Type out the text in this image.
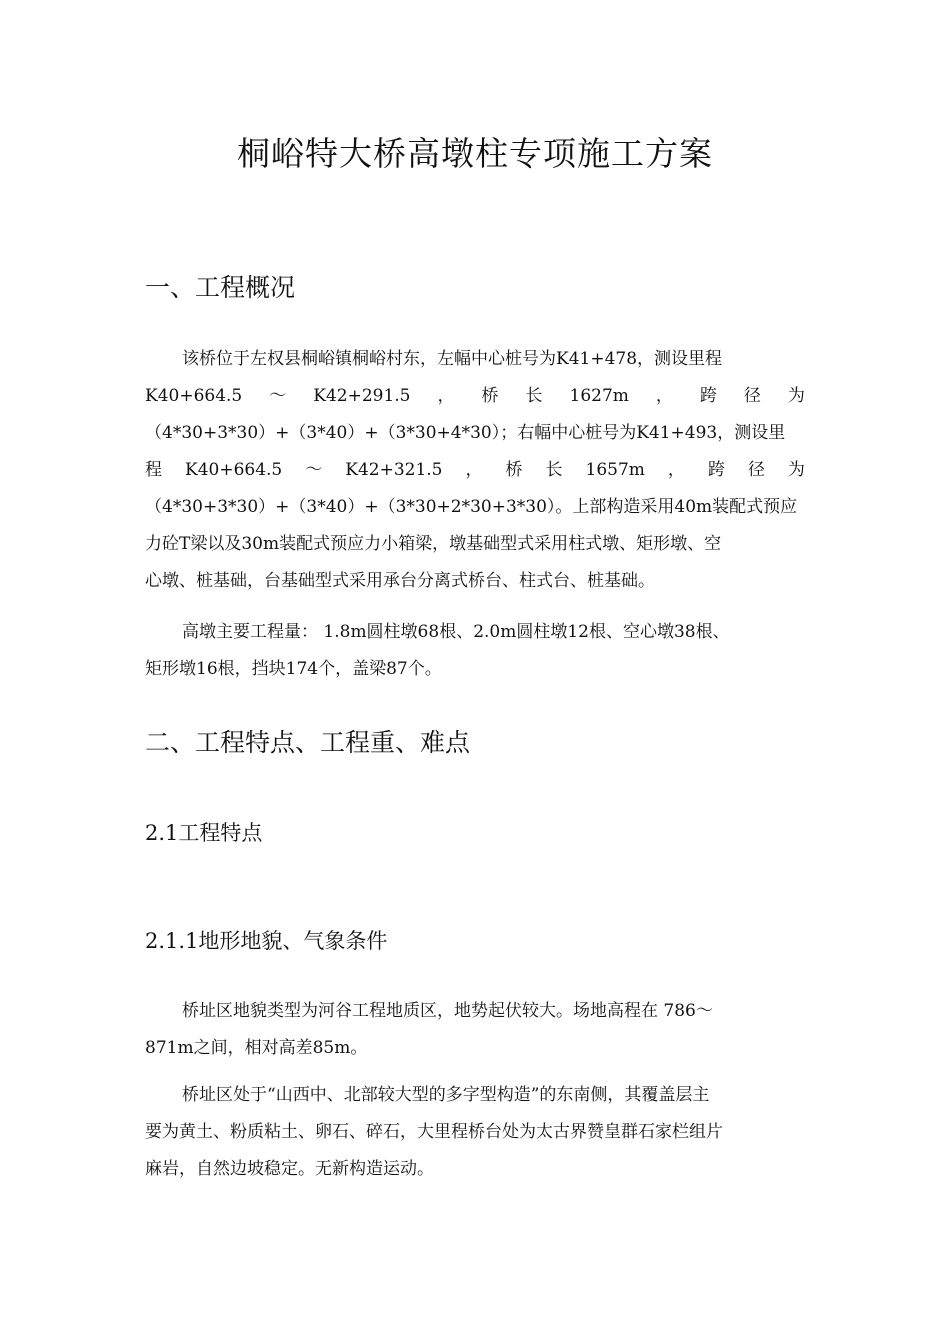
桐峪特大桥高墩柱专项施工方案
一、工程概况
该桥位于左权县桐峪镇桐峪村东，左幅中心桩号为K41+478，测设里程
K40+664.5 ～ K42+291.5 ， 桥 长 1627m ， 跨 径 为
（4*30+3*30）+（3*40）+（3*30+4*30）；右幅中心桩号为K41+493，测设里
程 K40+664.5 ～ K42+321.5 ， 桥 长 1657m ， 跨 径 为
（4*30+3*30）+（3*40）+（3*30+2*30+3*30）。上部构造采用40m装配式预应
力砼T梁以及30m装配式预应力小箱梁，墩基础型式采用柱式墩、矩形墩、空
心墩、桩基础，台基础型式采用承台分离式桥台、柱式台、桩基础。
高墩主要工程量： 1.8m圆柱墩68根、2.0m圆柱墩12根、空心墩38根、
矩形墩16根，挡块174个，盖梁87个。
二、工程特点、工程重、难点
2.1工程特点
2.1.1地形地貌、气象条件
桥址区地貌类型为河谷工程地质区，地势起伏较大。场地高程在 786～
871m之间，相对高差85m。
桥址区处于“山西中、北部较大型的多字型构造”的东南侧，其覆盖层主
要为黄土、粉质粘土、卵石、碎石，大里程桥台处为太古界赞皇群石家栏组片
麻岩，自然边坡稳定。无新构造运动。
